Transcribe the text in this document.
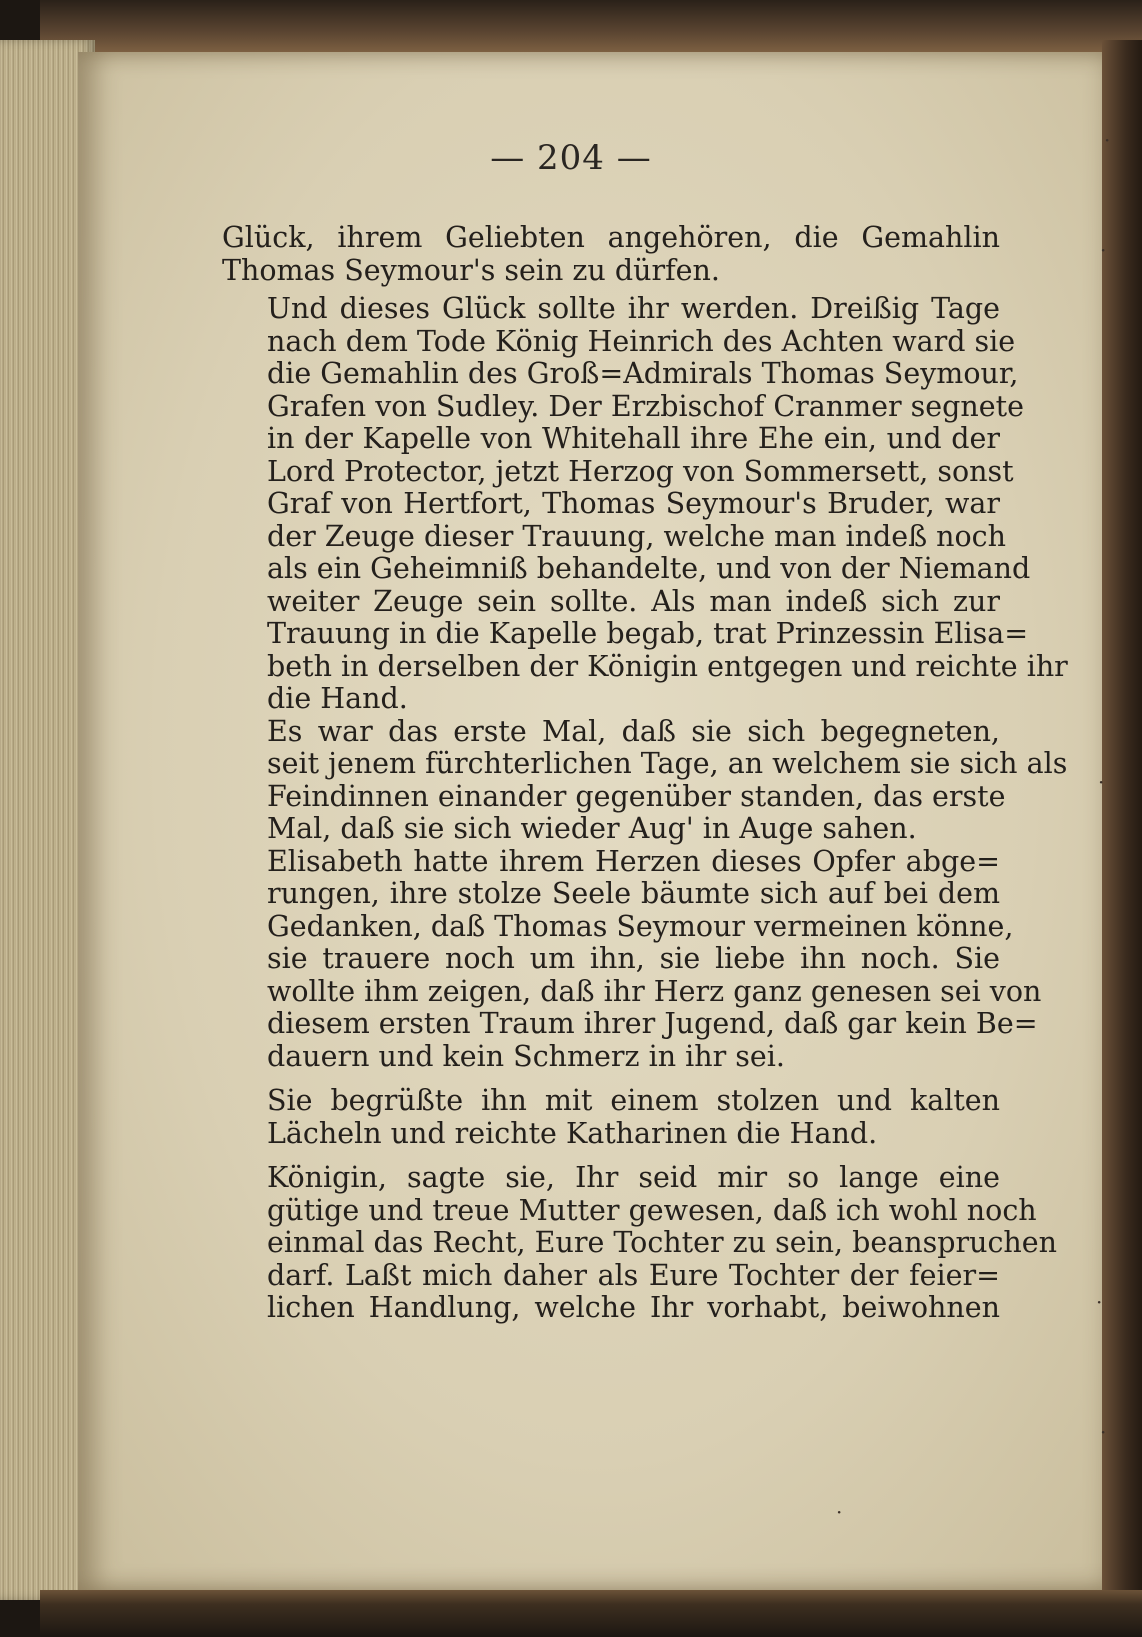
— 204 —

Glück, ihrem Geliebten angehören, die Gemahlin
Thomas Seymour's sein zu dürfen.

Und dieses Glück sollte ihr werden. Dreißig Tage
nach dem Tode König Heinrich des Achten ward sie
die Gemahlin des Groß=Admirals Thomas Seymour,
Grafen von Sudley. Der Erzbischof Cranmer segnete
in der Kapelle von Whitehall ihre Ehe ein, und der
Lord Protector, jetzt Herzog von Sommersett, sonst
Graf von Hertfort, Thomas Seymour's Bruder, war
der Zeuge dieser Trauung, welche man indeß noch
als ein Geheimniß behandelte, und von der Niemand
weiter Zeuge sein sollte. Als man indeß sich zur
Trauung in die Kapelle begab, trat Prinzessin Elisa=
beth in derselben der Königin entgegen und reichte ihr
die Hand.

Es war das erste Mal, daß sie sich begegneten,
seit jenem fürchterlichen Tage, an welchem sie sich als
Feindinnen einander gegenüber standen, das erste
Mal, daß sie sich wieder Aug' in Auge sahen.

Elisabeth hatte ihrem Herzen dieses Opfer abge=
rungen, ihre stolze Seele bäumte sich auf bei dem
Gedanken, daß Thomas Seymour vermeinen könne,
sie trauere noch um ihn, sie liebe ihn noch. Sie
wollte ihm zeigen, daß ihr Herz ganz genesen sei von
diesem ersten Traum ihrer Jugend, daß gar kein Be=
dauern und kein Schmerz in ihr sei.

Sie begrüßte ihn mit einem stolzen und kalten
Lächeln und reichte Katharinen die Hand.

Königin, sagte sie, Ihr seid mir so lange eine
gütige und treue Mutter gewesen, daß ich wohl noch
einmal das Recht, Eure Tochter zu sein, beanspruchen
darf. Laßt mich daher als Eure Tochter der feier=
lichen Handlung, welche Ihr vorhabt, beiwohnen

·
·
·
·
·
·
